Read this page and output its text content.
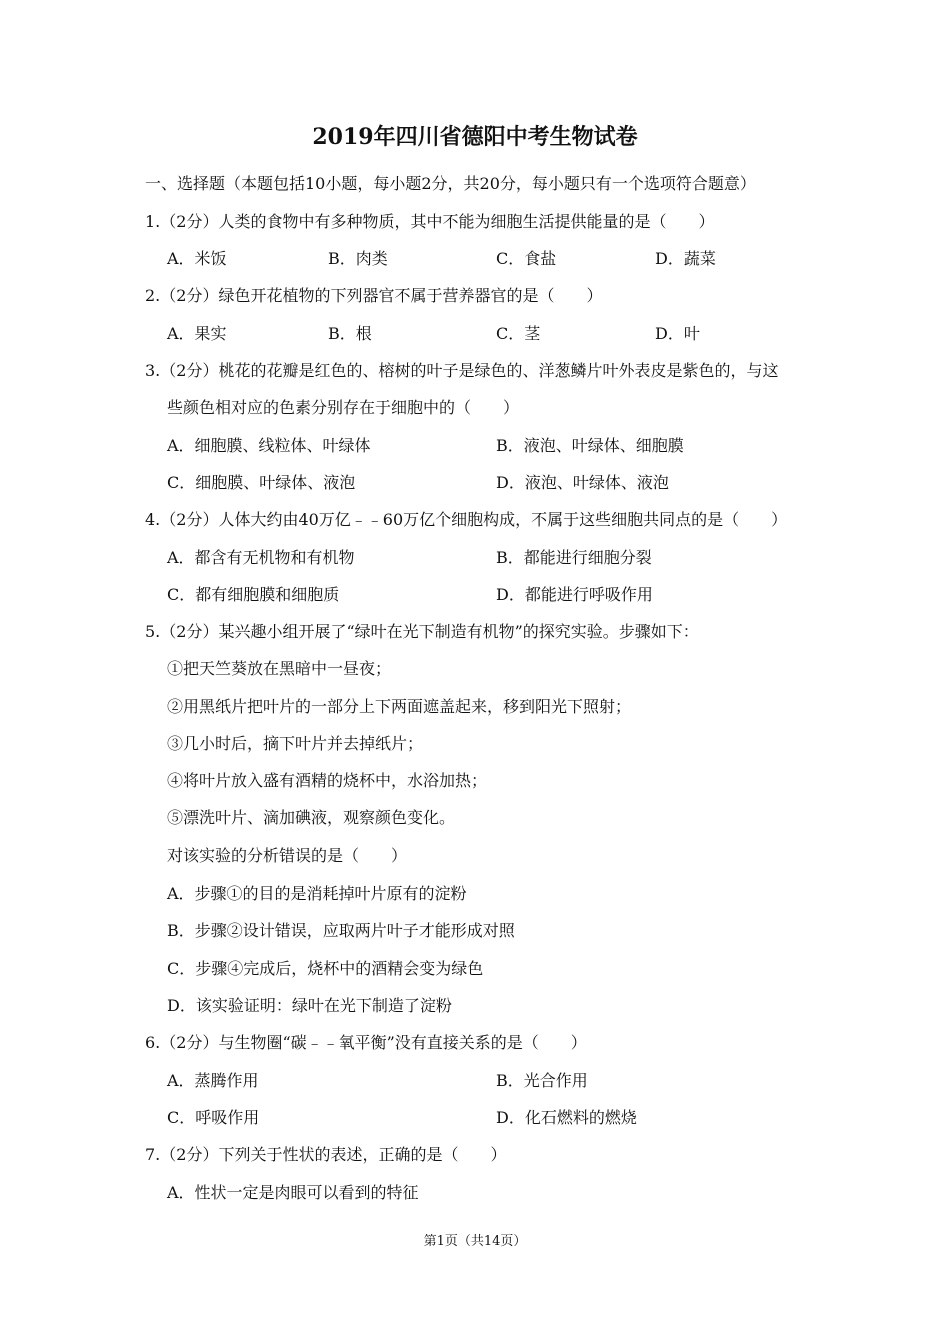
2019年四川省德阳中考生物试卷
一、选择题（本题包括10小题，每小题2分，共20分，每小题只有一个选项符合题意）
1.（2分）人类的食物中有多种物质，其中不能为细胞生活提供能量的是（　　）
A．米饭	B．肉类	C．食盐	D．蔬菜
2.（2分）绿色开花植物的下列器官不属于营养器官的是（　　）
A．果实	B．根	C．茎	D．叶
3.（2分）桃花的花瓣是红色的、榕树的叶子是绿色的、洋葱鳞片叶外表皮是紫色的，与这
些颜色相对应的色素分别存在于细胞中的（　　）
A．细胞膜、线粒体、叶绿体	B．液泡、叶绿体、细胞膜
C．细胞膜、叶绿体、液泡	D．液泡、叶绿体、液泡
4.（2分）人体大约由40万亿﹣﹣60万亿个细胞构成，不属于这些细胞共同点的是（　　）
A．都含有无机物和有机物	B．都能进行细胞分裂
C．都有细胞膜和细胞质	D．都能进行呼吸作用
5.（2分）某兴趣小组开展了“绿叶在光下制造有机物”的探究实验。步骤如下：
①把天竺葵放在黑暗中一昼夜；
②用黑纸片把叶片的一部分上下两面遮盖起来，移到阳光下照射；
③几小时后，摘下叶片并去掉纸片；
④将叶片放入盛有酒精的烧杯中，水浴加热；
⑤漂洗叶片、滴加碘液，观察颜色变化。
对该实验的分析错误的是（　　）
A．步骤①的目的是消耗掉叶片原有的淀粉
B．步骤②设计错误，应取两片叶子才能形成对照
C．步骤④完成后，烧杯中的酒精会变为绿色
D．该实验证明：绿叶在光下制造了淀粉
6.（2分）与生物圈“碳﹣﹣氧平衡”没有直接关系的是（　　）
A．蒸腾作用	B．光合作用
C．呼吸作用	D．化石燃料的燃烧
7.（2分）下列关于性状的表述，正确的是（　　）
A．性状一定是肉眼可以看到的特征
第1页（共14页）
